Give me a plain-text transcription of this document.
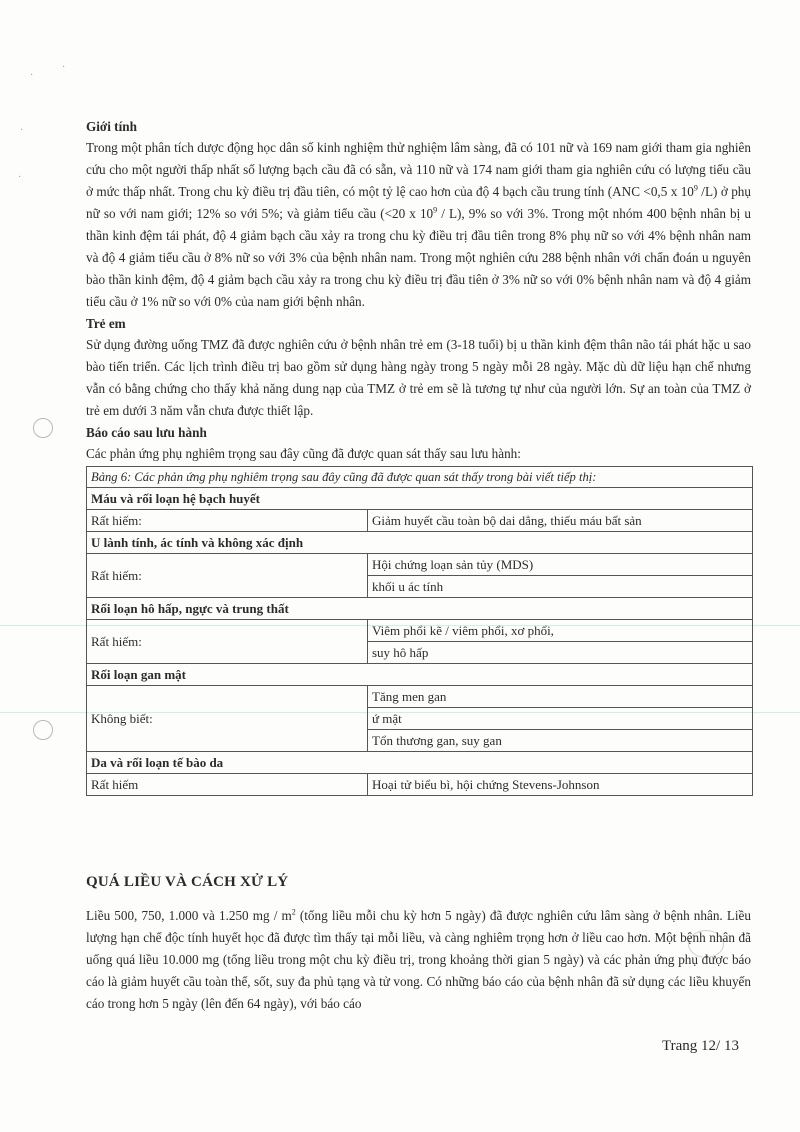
·
·
·
·
Giới tính

Trong một phân tích dược động học dân số kinh nghiệm thử nghiệm lâm sàng, đã có 101 nữ và 169 nam giới tham gia nghiên cứu cho một người thấp nhất số lượng bạch cầu đã có sẵn, và 110 nữ và 174 nam giới tham gia nghiên cứu có lượng tiểu cầu ở mức thấp nhất. Trong chu kỳ điều trị đầu tiên, có một tỷ lệ cao hơn của độ 4 bạch cầu trung tính (ANC <0,5 x $10^9$ /L) ở phụ nữ so với nam giới; 12% so với 5%; và giảm tiểu cầu (<20 x $10^9 / L$), 9% so với 3%. Trong một nhóm 400 bệnh nhân bị u thần kinh đệm tái phát, độ 4 giảm bạch cầu xảy ra trong chu kỳ điều trị đầu tiên trong 8% phụ nữ so với 4% bệnh nhân nam và độ 4 giảm tiểu cầu ở 8% nữ so với 3% của bệnh nhân nam. Trong một nghiên cứu 288 bệnh nhân với chẩn đoán u nguyên bào thần kinh đệm, độ 4 giảm bạch cầu xảy ra trong chu kỳ điều trị đầu tiên ở 3% nữ so với 0% bệnh nhân nam và độ 4 giảm tiểu cầu ở 1% nữ so với 0% của nam giới bệnh nhân.

Trẻ em

Sử dụng đường uống TMZ đã được nghiên cứu ở bệnh nhân trẻ em (3-18 tuổi) bị u thần kinh đệm thân não tái phát hặc u sao bào tiến triển. Các lịch trình điều trị bao gồm sử dụng hàng ngày trong 5 ngày mỗi 28 ngày. Mặc dù dữ liệu hạn chế nhưng vẫn có bằng chứng cho thấy khả năng dung nạp của TMZ ở trẻ em sẽ là tương tự như của người lớn. Sự an toàn của TMZ ở trẻ em dưới 3 năm vẫn chưa được thiết lập.

Báo cáo sau lưu hành

Các phản ứng phụ nghiêm trọng sau đây cũng đã được quan sát thấy sau lưu hành:

Bảng 6: Các phản ứng phụ nghiêm trọng sau đây cũng đã được quan sát thấy trong bài viết tiếp thị:	
Máu và rối loạn hệ bạch huyết	
Rất hiếm:	Giảm huyết cầu toàn bộ dai dẳng, thiếu máu bất sản
U lành tính, ác tính và không xác định	
Rất hiếm:	Hội chứng loạn sản tủy (MDS)
	khối u ác tính
Rối loạn hô hấp, ngực và trung thất	
Rất hiếm:	Viêm phổi kẽ / viêm phổi, xơ phổi,
	suy hô hấp
Rối loạn gan mật	
Không biết:	Tăng men gan
	ứ mật
	Tổn thương gan, suy gan
Da và rối loạn tế bào da	
Rất hiếm	Hoại tử biểu bì, hội chứng Stevens-Johnson
QUÁ LIỀU VÀ CÁCH XỬ LÝ

Liều 500, 750, 1.000 và 1.250 mg / $m^2$ (tổng liều mỗi chu kỳ hơn 5 ngày) đã được nghiên cứu lâm sàng ở bệnh nhân. Liều lượng hạn chế độc tính huyết học đã được tìm thấy tại mỗi liều, và càng nghiêm trọng hơn ở liều cao hơn. Một bệnh nhân đã uống quá liều 10.000 mg (tổng liều trong một chu kỳ điều trị, trong khoảng thời gian 5 ngày) và các phản ứng phụ được báo cáo là giảm huyết cầu toàn thể, sốt, suy đa phủ tạng và tử vong. Có những báo cáo của bệnh nhân đã sử dụng các liều khuyến cáo trong hơn 5 ngày (lên đến 64 ngày), với báo cáo

Trang 12/ 13
